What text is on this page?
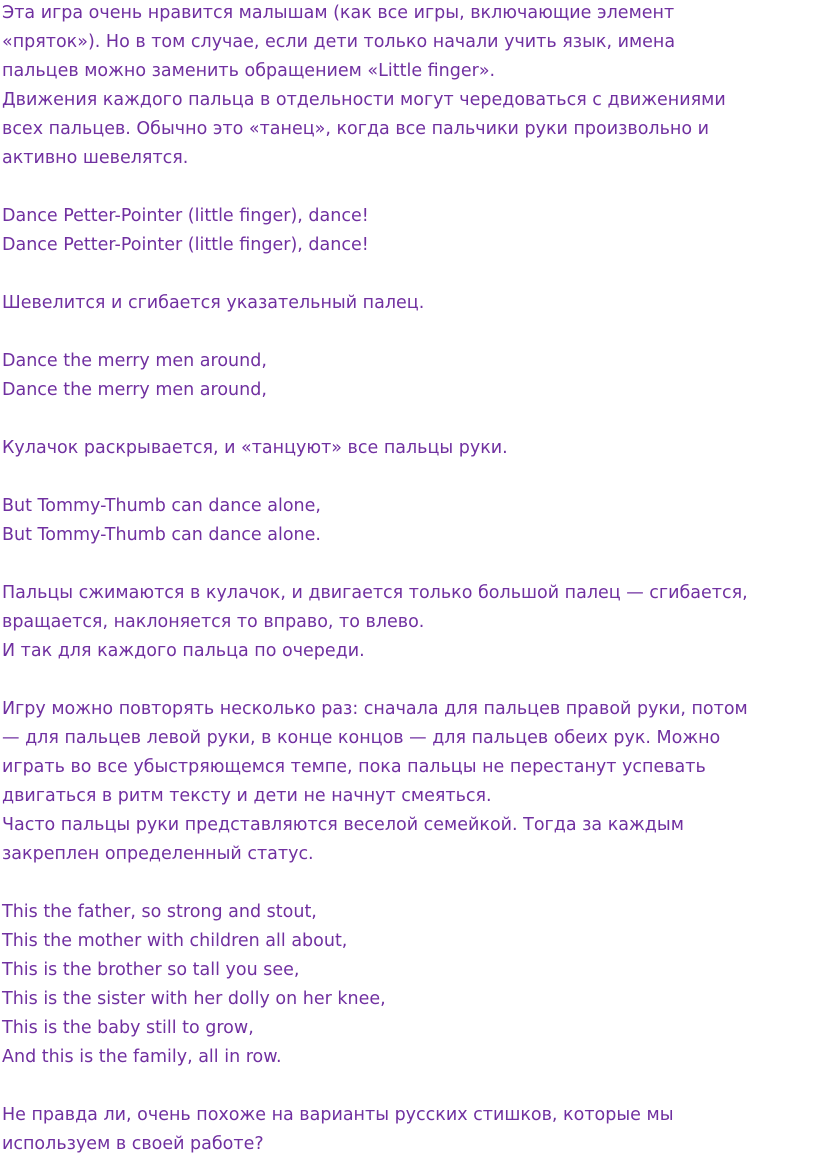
Эта игра очень нравится малышам (как все игры, включающие элемент
«пряток»). Но в том случае, если дети только начали учить язык, имена
пальцев можно заменить обращением «Little finger».
Движения каждого пальца в отдельности могут чередоваться с движениями
всех пальцев. Обычно это «танец», когда все пальчики руки произвольно и
активно шевелятся.
Dance Petter-Pointer (little finger), dance!
Dance Petter-Pointer (little finger), dance!
Шевелится и сгибается указательный палец.
Dance the merry men around,
Dance the merry men around,
Кулачок раскрывается, и «танцуют» все пальцы руки.
But Tommy-Thumb can dance alone,
But Tommy-Thumb can dance alone.
Пальцы сжимаются в кулачок, и двигается только большой палец — сгибается,
вращается, наклоняется то вправо, то влево.
И так для каждого пальца по очереди.
Игру можно повторять несколько раз: сначала для пальцев правой руки, потом
— для пальцев левой руки, в конце концов — для пальцев обеих рук. Можно
играть во все убыстряющемся темпе, пока пальцы не перестанут успевать
двигаться в ритм тексту и дети не начнут смеяться.
Часто пальцы руки представляются веселой семейкой. Тогда за каждым
закреплен определенный статус.
This the father, so strong and stout,
This the mother with children all about,
This is the brother so tall you see,
This is the sister with her dolly on her knee,
This is the baby still to grow,
And this is the family, all in row.
Не правда ли, очень похоже на варианты русских стишков, которые мы
используем в своей работе?
